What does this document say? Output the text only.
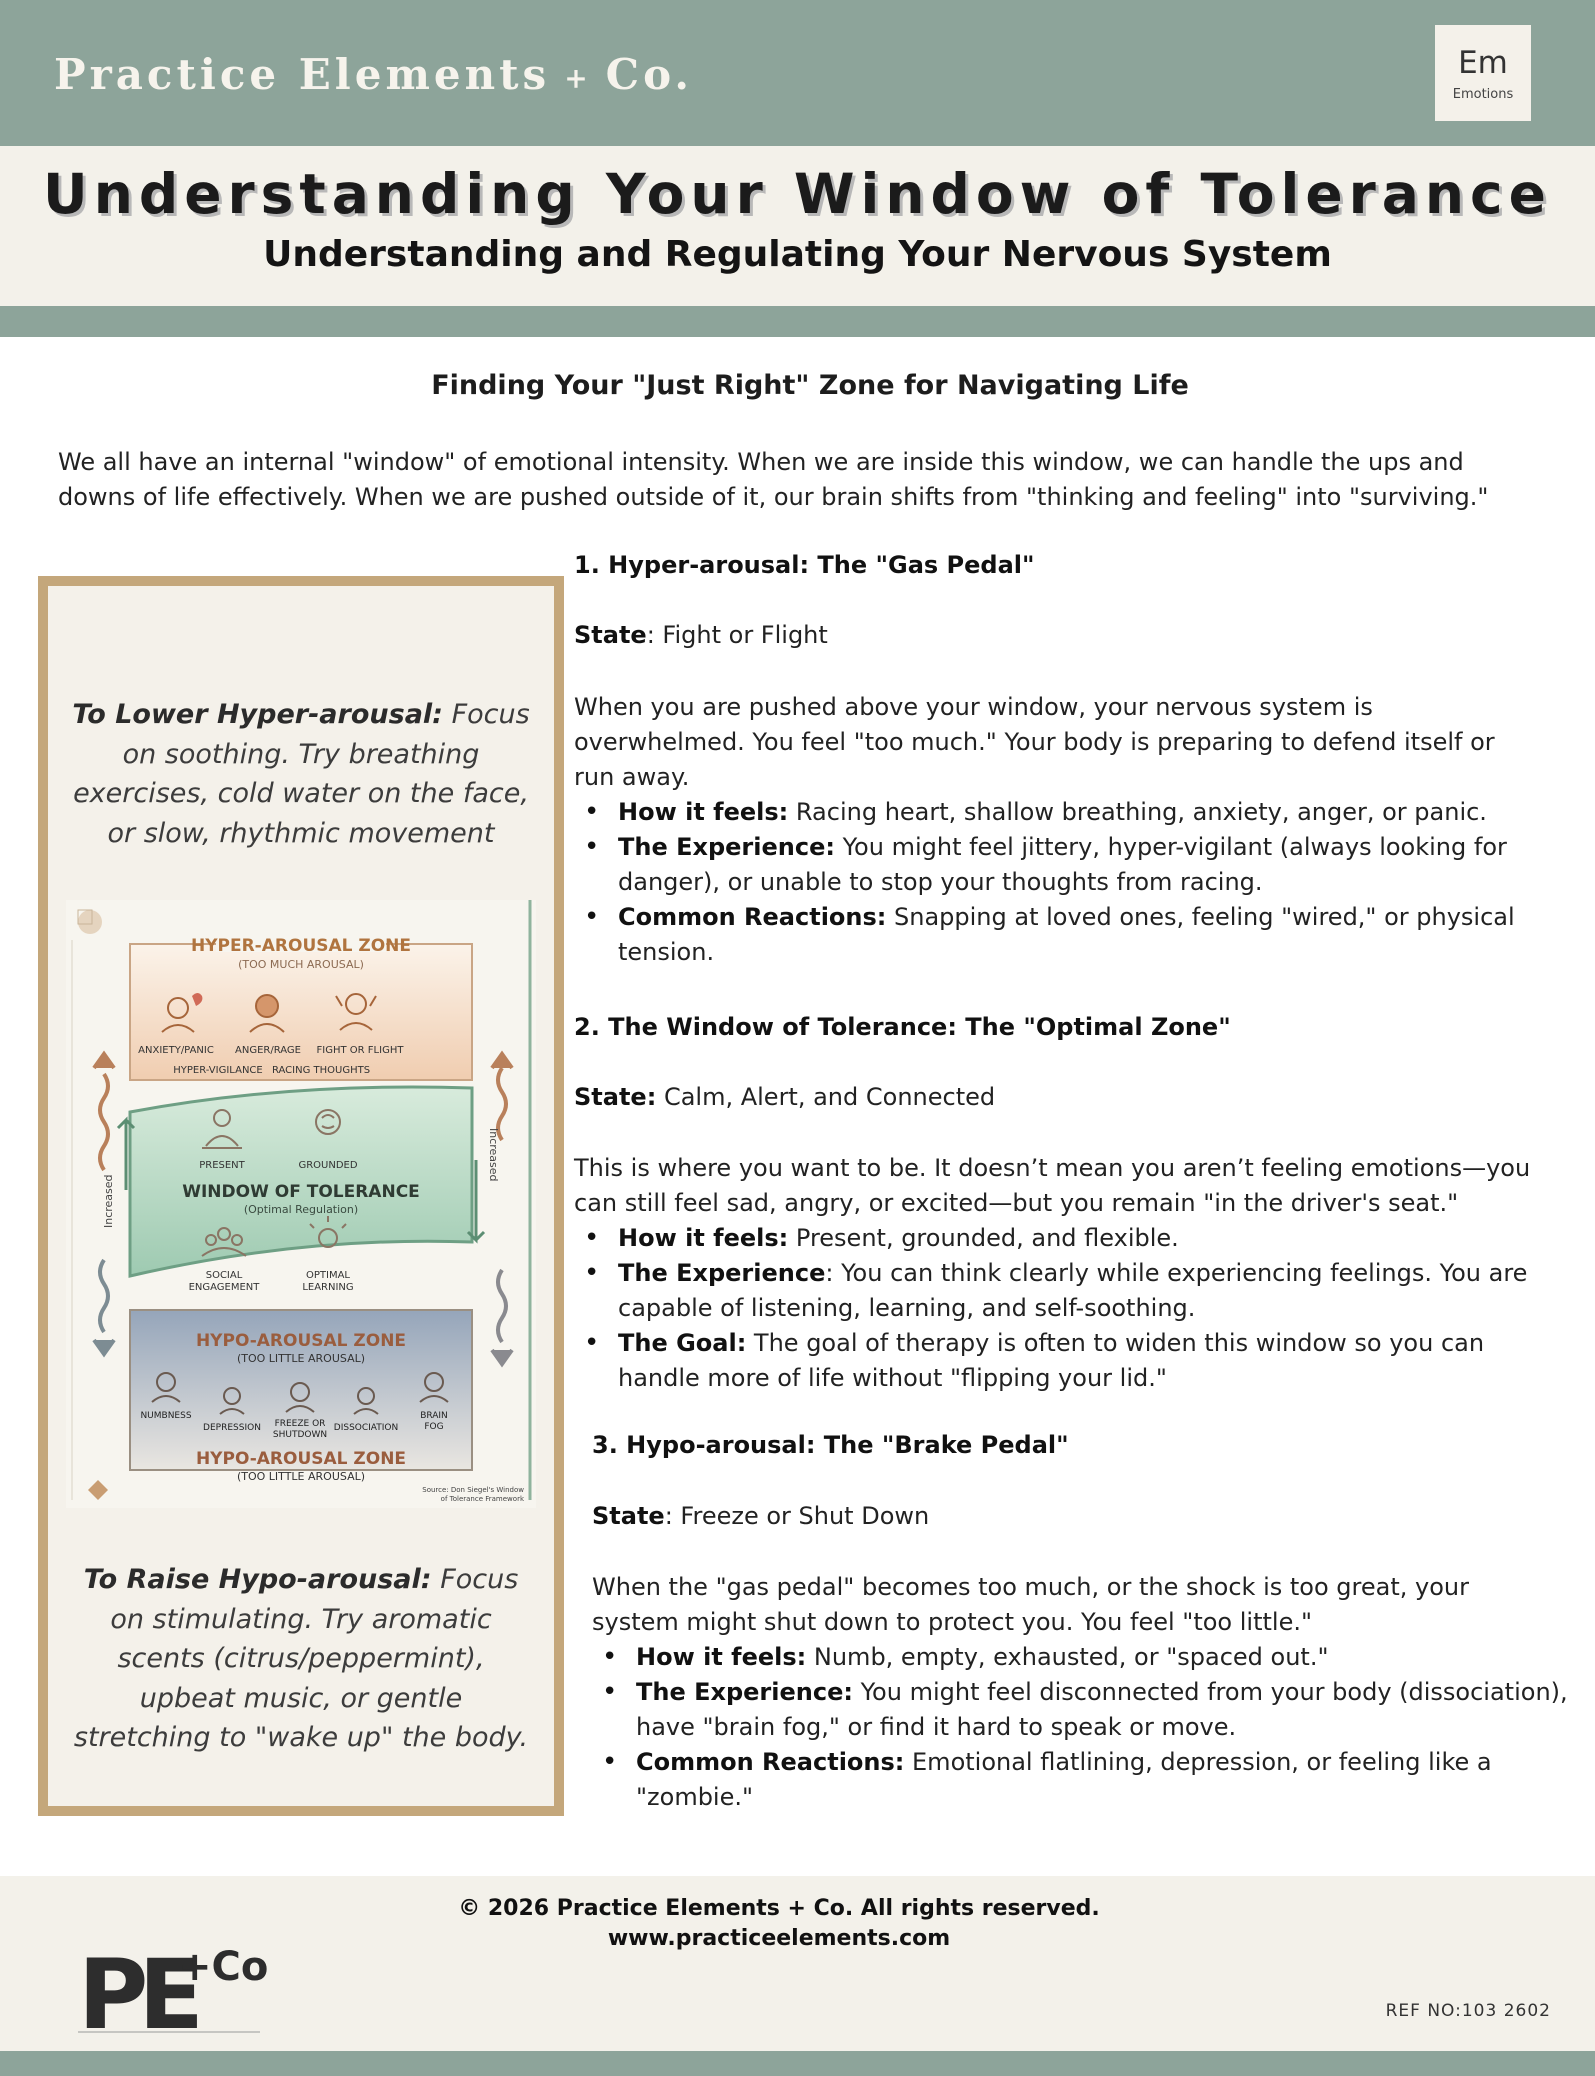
Practice Elements + Co.	Em
Emotions
Understanding Your Window of Tolerance
Understanding and Regulating Your Nervous System
Finding Your "Just Right" Zone for Navigating Life
We all have an internal "window" of emotional intensity. When we are inside this window, we can handle the ups and
downs of life effectively. When we are pushed outside of it, our brain shifts from "thinking and feeling" into "surviving."
To Lower Hyper-arousal: Focus
on soothing. Try breathing
exercises, cold water on the face,
or slow, rhythmic movement
HYPER-AROUSAL ZONE
(TOO MUCH AROUSAL)
ANXIETY/PANIC ANGER/RAGE FIGHT OR FLIGHT
HYPER-VIGILANCE RACING THOUGHTS
PRESENT	GROUNDED
WINDOW OF TOLERANCE
(Optimal Regulation)
SOCIAL	OPTIMAL
ENGAGEMENT	LEARNING
Increased
Increased
HYPO-AROUSAL ZONE
(TOO LITTLE AROUSAL)
NUMBNESS
DEPRESSION FREEZE OR
SHUTDOWN
DISSOCIATION
BRAIN
FOG
HYPO-AROUSAL ZONE
(TOO LITTLE AROUSAL)
Source: Don Siegel's Window
of Tolerance Framework
To Raise Hypo-arousal: Focus
on stimulating. Try aromatic
scents (citrus/peppermint),
upbeat music, or gentle
stretching to "wake up" the body.
1. Hyper-arousal: The "Gas Pedal"
State: Fight or Flight
When you are pushed above your window, your nervous system is
overwhelmed. You feel "too much." Your body is preparing to defend itself or
run away.
• How it feels: Racing heart, shallow breathing, anxiety, anger, or panic.
• The Experience: You might feel jittery, hyper-vigilant (always looking for
danger), or unable to stop your thoughts from racing.
• Common Reactions: Snapping at loved ones, feeling "wired," or physical
tension.
2. The Window of Tolerance: The "Optimal Zone"
State: Calm, Alert, and Connected
This is where you want to be. It doesn’t mean you aren’t feeling emotions—you
can still feel sad, angry, or excited—but you remain "in the driver's seat."
• How it feels: Present, grounded, and flexible.
• The Experience: You can think clearly while experiencing feelings. You are
capable of listening, learning, and self-soothing.
• The Goal: The goal of therapy is often to widen this window so you can
handle more of life without "flipping your lid."
3. Hypo-arousal: The "Brake Pedal"
State: Freeze or Shut Down
When the "gas pedal" becomes too much, or the shock is too great, your
system might shut down to protect you. You feel "too little."
• How it feels: Numb, empty, exhausted, or "spaced out."
• The Experience: You might feel disconnected from your body (dissociation),
have "brain fog," or find it hard to speak or move.
• Common Reactions: Emotional flatlining, depression, or feeling like a
"zombie."
© 2026 Practice Elements + Co. All rights reserved.
www.practiceelements.com
PE
+Co
REF NO:103 2602
